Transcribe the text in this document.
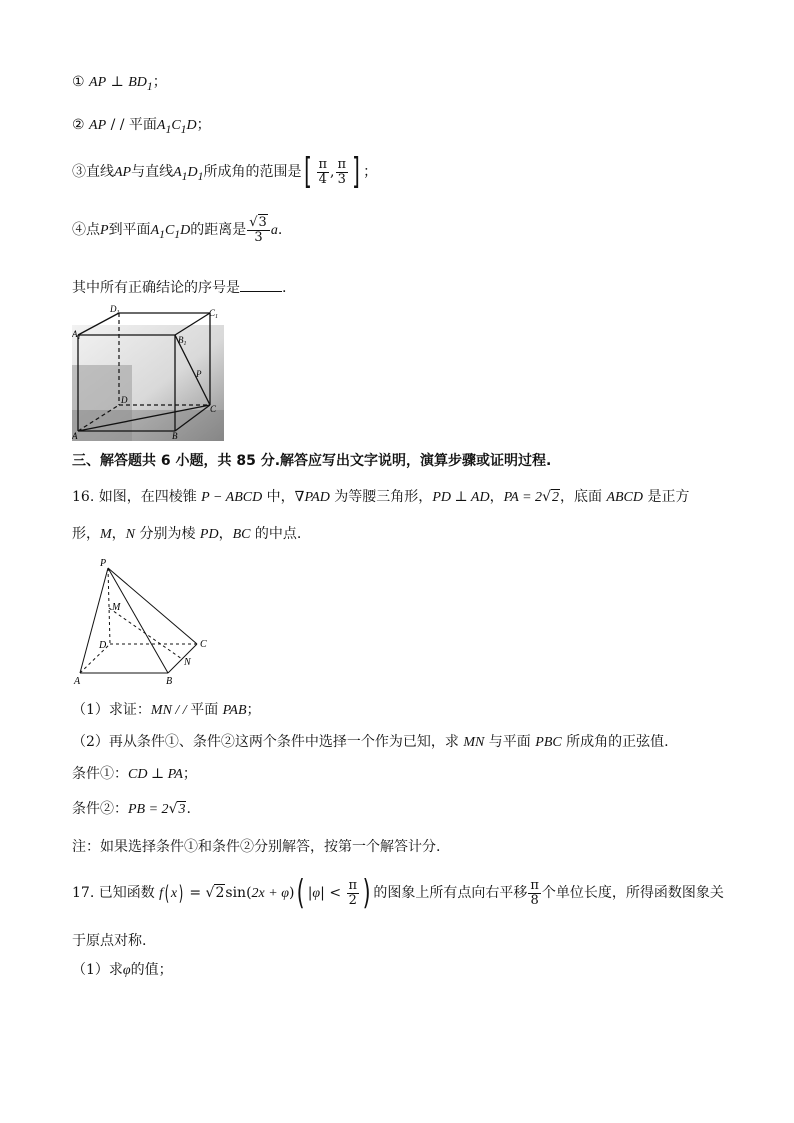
① AP ⊥ $BD_1$；
② AP / / 平面$A_1C_1D$；
③直线AP与直线$A_1D_1$所成角的范围是[ $\frac{\pi}{4}$ , $\frac{\pi}{3}$ ] ；
④点P到平面$A_1C_1D$的距离是 $\frac{√3}{3} a$.
其中所有正确结论的序号是	.
$D_1$	$C_1$
$A_1$	$B_1$
P
D
C
A	B
三、解答题共 6 小题，共 85 分.解答应写出文字说明，演算步骤或证明过程.
16. 如图，在四棱锥 P − ABCD 中，∇PAD 为等腰三角形，PD ⊥ AD，PA = 2√2，底面 ABCD 是正方
形，M，N 分别为棱 PD，BC 的中点.
P
M
D	C
N
A	B
（1）求证：MN / / 平面 PAB；
（2）再从条件①、条件②这两个条件中选择一个作为已知，求 MN 与平面 PBC 所成角的正弦值.
条件①：CD ⊥ PA；
条件②：PB = 2√3.
注：如果选择条件①和条件②分别解答，按第一个解答计分.
17. 已知函数 f( x) = √2sin(2x + φ)( $|\varphi| < \frac{\pi}{2}$ ) 的图象上所有点向右平移 $\frac{\pi}{8}$ 个单位长度，所得函数图象关
于原点对称.
（1）求φ的值；
